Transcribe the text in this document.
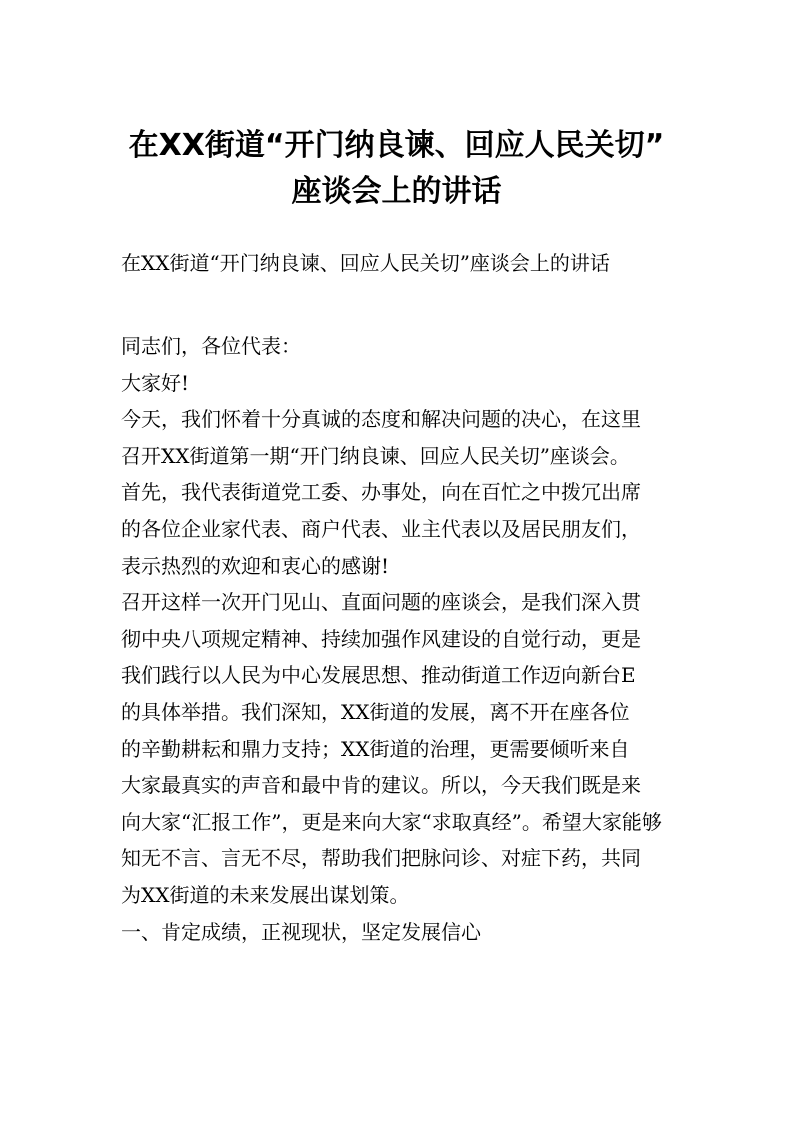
在XX街道“开门纳良谏、回应人民关切”
座谈会上的讲话

在XX街道“开门纳良谏、回应人民关切”座谈会上的讲话

同志们，各位代表：
大家好!
今天，我们怀着十分真诚的态度和解决问题的决心，在这里
召开XX街道第一期“开门纳良谏、回应人民关切”座谈会。
首先，我代表街道党工委、办事处，向在百忙之中拨冗出席
的各位企业家代表、商户代表、业主代表以及居民朋友们，
表示热烈的欢迎和衷心的感谢!
召开这样一次开门见山、直面问题的座谈会，是我们深入贯
彻中央八项规定精神、持续加强作风建设的自觉行动，更是
我们践行以人民为中心发展思想、推动街道工作迈向新台E
的具体举措。我们深知，XX街道的发展，离不开在座各位
的辛勤耕耘和鼎力支持；XX街道的治理，更需要倾听来自
大家最真实的声音和最中肯的建议。所以，今天我们既是来
向大家“汇报工作”，更是来向大家“求取真经”。希望大家能够
知无不言、言无不尽，帮助我们把脉问诊、对症下药，共同
为XX街道的未来发展出谋划策。
一、肯定成绩，正视现状，坚定发展信心
